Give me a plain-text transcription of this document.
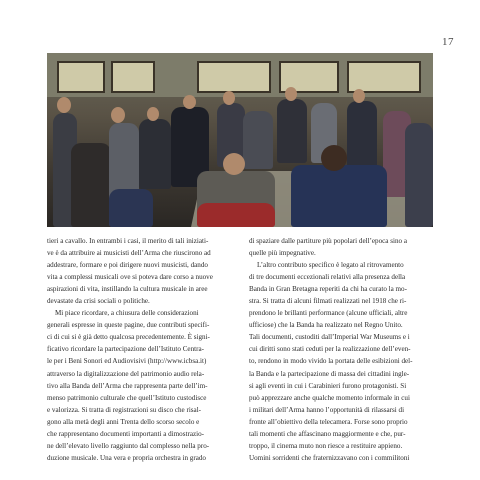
17

tieri a cavallo. In entrambi i casi, il merito di tali iniziati-

ve è da attribuire ai musicisti dell’Arma che riuscirono ad

addestrare, formare e poi dirigere nuovi musicisti, dando

vita a complessi musicali ove si poteva dare corso a nuove

aspirazioni di vita, instillando la cultura musicale in aree

devastate da crisi sociali o politiche.

Mi piace ricordare, a chiusura delle considerazioni

generali espresse in queste pagine, due contributi specifi-

ci di cui si è già detto qualcosa precedentemente. È signi-

ficativo ricordare la partecipazione dell’Istituto Centra-

le per i Beni Sonori ed Audiovisivi (http://www.icbsa.it)

attraverso la digitalizzazione del patrimonio audio rela-

tivo alla Banda dell’Arma che rappresenta parte dell’im-

menso patrimonio culturale che quell’Istituto custodisce

e valorizza. Si tratta di registrazioni su disco che risal-

gono alla metà degli anni Trenta dello scorso secolo e

che rappresentano documenti importanti a dimostrazio-

ne dell’elevato livello raggiunto dal complesso nella pro-

duzione musicale. Una vera e propria orchestra in grado

di spaziare dalle partiture più popolari dell’epoca sino a

quelle più impegnative.

L’altro contributo specifico è legato al ritrovamento

di tre documenti eccezionali relativi alla presenza della

Banda in Gran Bretagna reperiti da chi ha curato la mo-

stra. Si tratta di alcuni filmati realizzati nel 1918 che ri-

prendono le brillanti performance (alcune ufficiali, altre

ufficiose) che la Banda ha realizzato nel Regno Unito.

Tali documenti, custoditi dall’Imperial War Museums e i

cui diritti sono stati ceduti per la realizzazione dell’even-

to, rendono in modo vivido la portata delle esibizioni del-

la Banda e la partecipazione di massa dei cittadini ingle-

si agli eventi in cui i Carabinieri furono protagonisti. Si

può apprezzare anche qualche momento informale in cui

i militari dell’Arma hanno l’opportunità di rilassarsi di

fronte all’obiettivo della telecamera. Forse sono proprio

tali momenti che affascinano maggiormente e che, pur-

troppo, il cinema muto non riesce a restituire appieno.

Uomini sorridenti che fraternizzavano con i commilitoni
